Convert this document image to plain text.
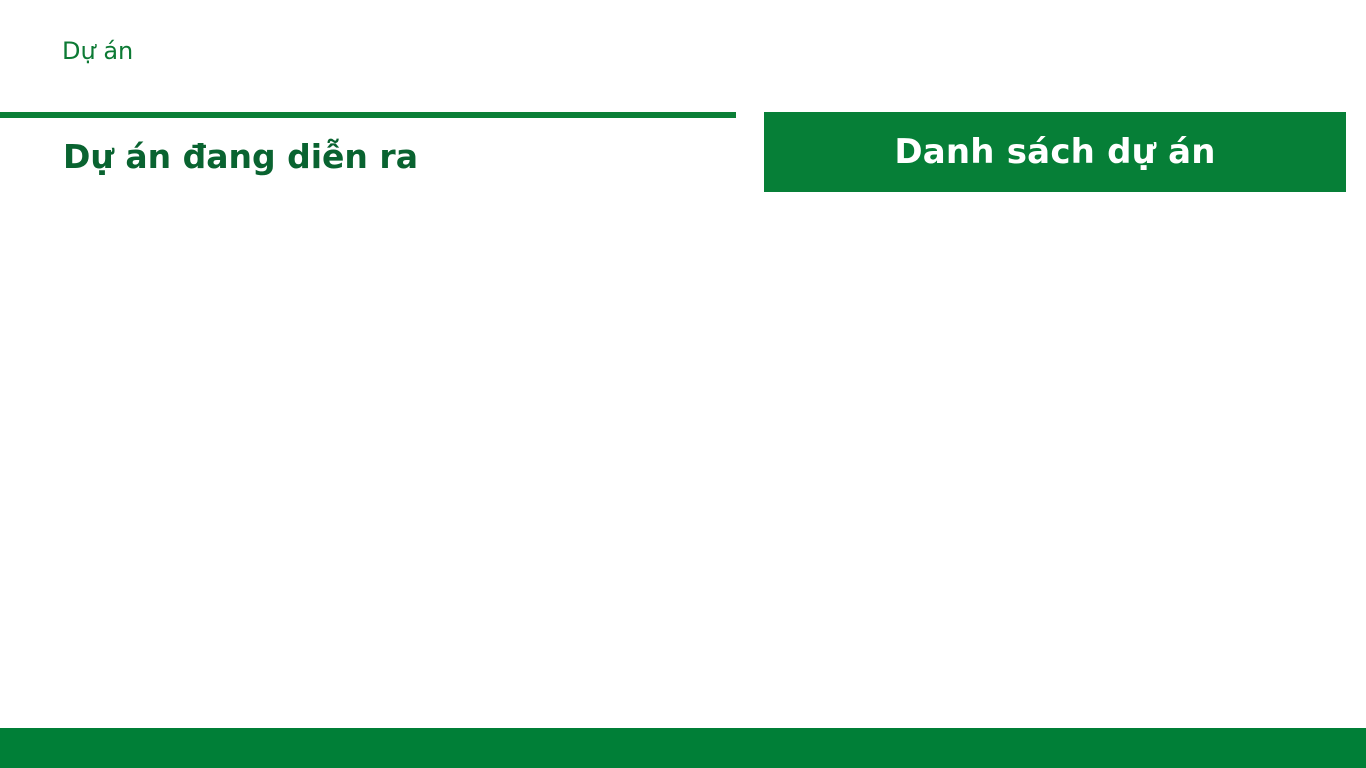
Dự án
Dự án đang diễn ra	Danh sách dự án
